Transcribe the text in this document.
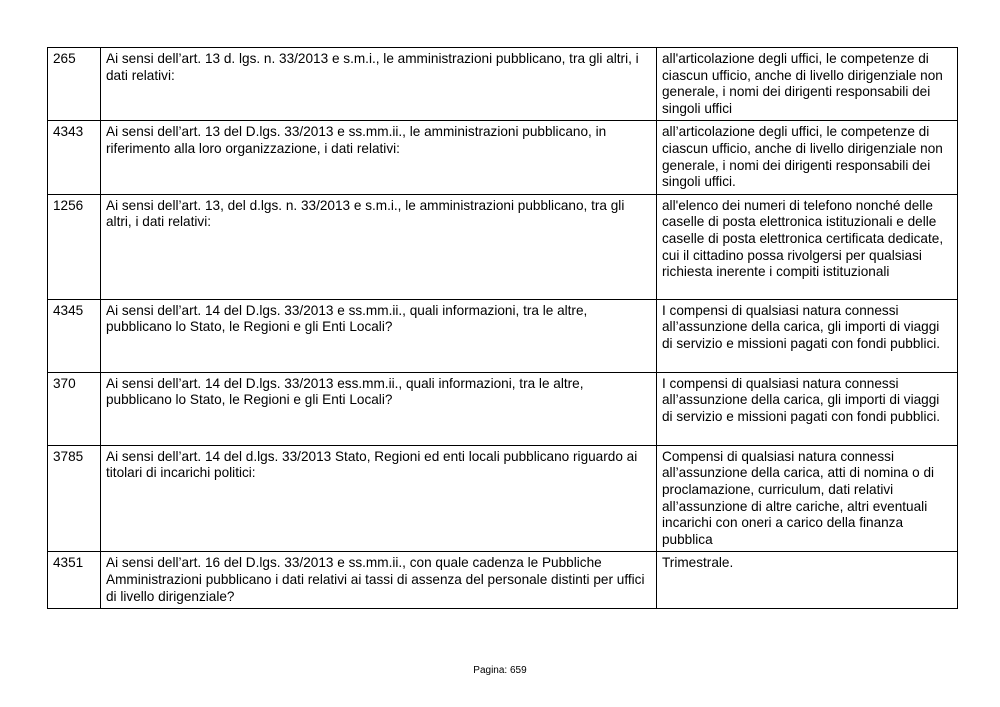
265	Ai sensi dell’art. 13 d. lgs. n. 33/2013 e s.m.i., le amministrazioni pubblicano, tra gli altri, i dati relativi:	all'articolazione degli uffici, le competenze di ciascun ufficio, anche di livello dirigenziale non generale, i nomi dei dirigenti responsabili dei singoli uffici
4343	Ai sensi dell’art. 13 del D.lgs. 33/2013 e ss.mm.ii., le amministrazioni pubblicano, in riferimento alla loro organizzazione, i dati relativi:	all’articolazione degli uffici, le competenze di ciascun ufficio, anche di livello dirigenziale non generale, i nomi dei dirigenti responsabili dei singoli uffici.
1256	Ai sensi dell’art. 13, del d.lgs. n. 33/2013 e s.m.i., le amministrazioni pubblicano, tra gli altri, i dati relativi:	all'elenco dei numeri di telefono nonché delle caselle di posta elettronica istituzionali e delle caselle di posta elettronica certificata dedicate, cui il cittadino possa rivolgersi per qualsiasi richiesta inerente i compiti istituzionali
4345	Ai sensi dell’art. 14 del D.lgs. 33/2013 e ss.mm.ii., quali informazioni, tra le altre, pubblicano lo Stato, le Regioni e gli Enti Locali?	I compensi di qualsiasi natura connessi all’assunzione della carica, gli importi di viaggi di servizio e missioni pagati con fondi pubblici.
370	Ai sensi dell’art. 14 del D.lgs. 33/2013 ess.mm.ii., quali informazioni, tra le altre, pubblicano lo Stato, le Regioni e gli Enti Locali?	I compensi di qualsiasi natura connessi all’assunzione della carica, gli importi di viaggi di servizio e missioni pagati con fondi pubblici.
3785	Ai sensi dell’art. 14 del d.lgs. 33/2013 Stato, Regioni ed enti locali pubblicano riguardo ai titolari di incarichi politici:	Compensi di qualsiasi natura connessi all’assunzione della carica, atti di nomina o di proclamazione, curriculum, dati relativi all’assunzione di altre cariche, altri eventuali incarichi con oneri a carico della finanza pubblica
4351	Ai sensi dell’art. 16 del D.lgs. 33/2013 e ss.mm.ii., con quale cadenza le Pubbliche Amministrazioni pubblicano i dati relativi ai tassi di assenza del personale distinti per uffici di livello dirigenziale?	Trimestrale.
Pagina: 659
